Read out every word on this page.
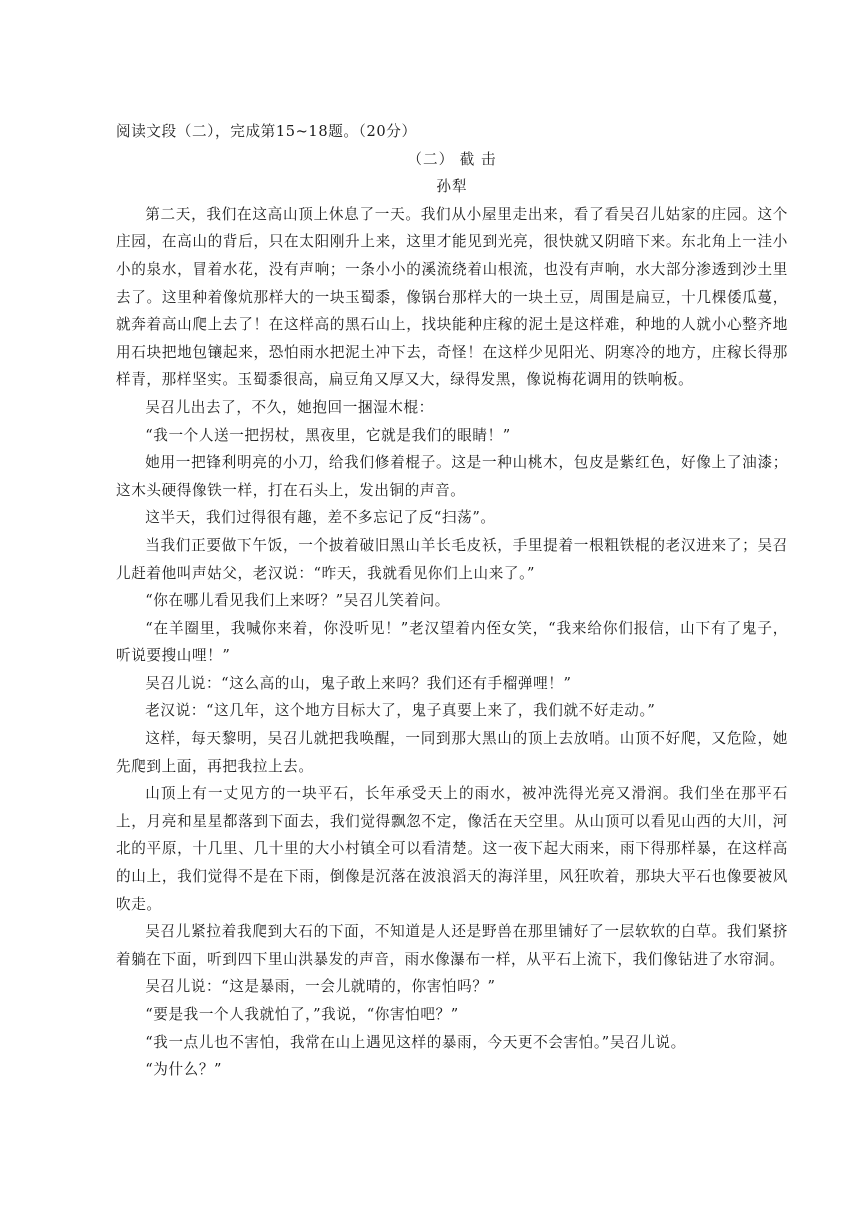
阅读文段（二），完成第15~18题。（20分）

（二） 截 击

孙犁

第二天，我们在这高山顶上休息了一天。我们从小屋里走出来，看了看吴召儿姑家的庄园。这个庄园，在高山的背后，只在太阳刚升上来，这里才能见到光亮，很快就又阴暗下来。东北角上一洼小小的泉水，冒着水花，没有声响；一条小小的溪流绕着山根流，也没有声响，水大部分渗透到沙土里去了。这里种着像炕那样大的一块玉蜀黍，像锅台那样大的一块土豆，周围是扁豆，十几棵倭瓜蔓，就奔着高山爬上去了！在这样高的黑石山上，找块能种庄稼的泥土是这样难，种地的人就小心整齐地用石块把地包镶起来，恐怕雨水把泥土冲下去，奇怪！在这样少见阳光、阴寒冷的地方，庄稼长得那样青，那样坚实。玉蜀黍很高，扁豆角又厚又大，绿得发黑，像说梅花调用的铁响板。

吴召儿出去了，不久，她抱回一捆湿木棍：

“我一个人送一把拐杖，黑夜里，它就是我们的眼睛！”

她用一把锋利明亮的小刀，给我们修着棍子。这是一种山桃木，包皮是紫红色，好像上了油漆；这木头硬得像铁一样，打在石头上，发出铜的声音。

这半天，我们过得很有趣，差不多忘记了反“扫荡”。

当我们正要做下午饭，一个披着破旧黑山羊长毛皮袄，手里提着一根粗铁棍的老汉进来了；吴召儿赶着他叫声姑父，老汉说：“昨天，我就看见你们上山来了。”

“你在哪儿看见我们上来呀？”吴召儿笑着问。

“在羊圈里，我喊你来着，你没听见！”老汉望着内侄女笑，“我来给你们报信，山下有了鬼子，听说要搜山哩！”

吴召儿说：“这么高的山，鬼子敢上来吗？我们还有手榴弹哩！”

老汉说：“这几年，这个地方目标大了，鬼子真要上来了，我们就不好走动。”

这样，每天黎明，吴召儿就把我唤醒，一同到那大黑山的顶上去放哨。山顶不好爬，又危险，她先爬到上面，再把我拉上去。

山顶上有一丈见方的一块平石，长年承受天上的雨水，被冲洗得光亮又滑润。我们坐在那平石上，月亮和星星都落到下面去，我们觉得飘忽不定，像活在天空里。从山顶可以看见山西的大川，河北的平原，十几里、几十里的大小村镇全可以看清楚。这一夜下起大雨来，雨下得那样暴，在这样高的山上，我们觉得不是在下雨，倒像是沉落在波浪滔天的海洋里，风狂吹着，那块大平石也像要被风吹走。

吴召儿紧拉着我爬到大石的下面，不知道是人还是野兽在那里铺好了一层软软的白草。我们紧挤着躺在下面，听到四下里山洪暴发的声音，雨水像瀑布一样，从平石上流下，我们像钻进了水帘洞。

吴召儿说：“这是暴雨，一会儿就晴的，你害怕吗？”

“要是我一个人我就怕了，”我说，“你害怕吧？”

“我一点儿也不害怕，我常在山上遇见这样的暴雨，今天更不会害怕。”吴召儿说。

“为什么？”
